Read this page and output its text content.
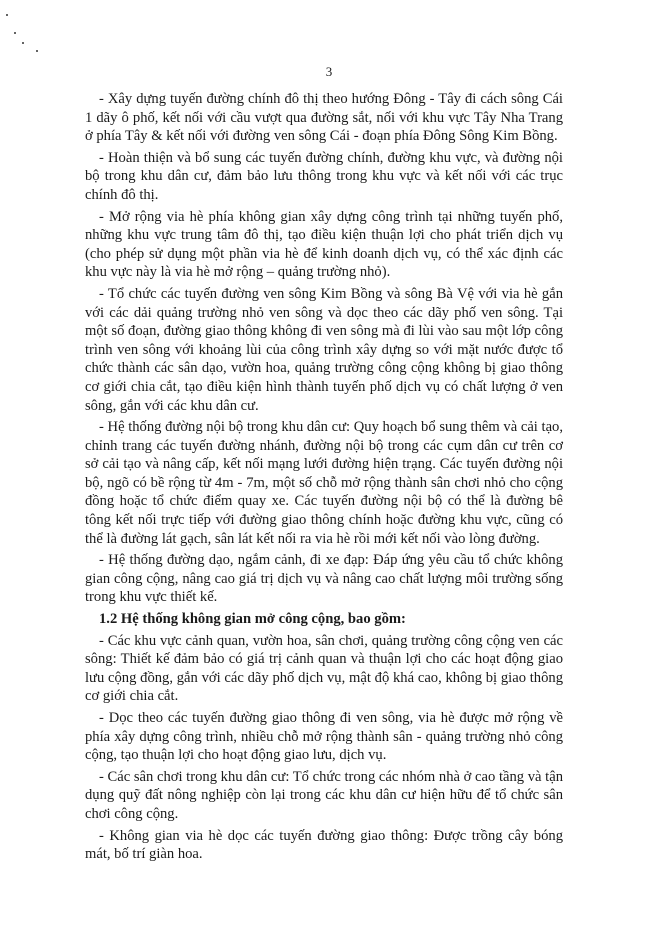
3

- Xây dựng tuyến đường chính đô thị theo hướng Đông - Tây đi cách sông Cái 1 dãy ô phố, kết nối với cầu vượt qua đường sắt, nối với khu vực Tây Nha Trang ở phía Tây & kết nối với đường ven sông Cái - đoạn phía Đông Sông Kim Bồng.

- Hoàn thiện và bổ sung các tuyến đường chính, đường khu vực, và đường nội bộ trong khu dân cư, đảm bảo lưu thông trong khu vực và kết nối với các trục chính đô thị.

- Mở rộng via hè phía không gian xây dựng công trình tại những tuyến phố, những khu vực trung tâm đô thị, tạo điều kiện thuận lợi cho phát triển dịch vụ (cho phép sử dụng một phần via hè để kinh doanh dịch vụ, có thể xác định các khu vực này là via hè mở rộng – quảng trường nhỏ).

- Tổ chức các tuyến đường ven sông Kim Bồng và sông Bà Vệ với via hè gắn với các dải quảng trường nhỏ ven sông và dọc theo các dãy phố ven sông. Tại một số đoạn, đường giao thông không đi ven sông mà đi lùi vào sau một lớp công trình ven sông với khoảng lùi của công trình xây dựng so với mặt nước được tổ chức thành các sân dạo, vườn hoa, quảng trường công cộng không bị giao thông cơ giới chia cắt, tạo điều kiện hình thành tuyến phố dịch vụ có chất lượng ở ven sông, gắn với các khu dân cư.

- Hệ thống đường nội bộ trong khu dân cư: Quy hoạch bổ sung thêm và cải tạo, chỉnh trang các tuyến đường nhánh, đường nội bộ trong các cụm dân cư trên cơ sở cải tạo và nâng cấp, kết nối mạng lưới đường hiện trạng. Các tuyến đường nội bộ, ngõ có bề rộng từ 4m - 7m, một số chỗ mở rộng thành sân chơi nhỏ cho cộng đồng hoặc tổ chức điểm quay xe. Các tuyến đường nội bộ có thể là đường bê tông kết nối trực tiếp với đường giao thông chính hoặc đường khu vực, cũng có thể là đường lát gạch, sân lát kết nối ra via hè rồi mới kết nối vào lòng đường.

- Hệ thống đường dạo, ngắm cảnh, đi xe đạp: Đáp ứng yêu cầu tổ chức không gian công cộng, nâng cao giá trị dịch vụ và nâng cao chất lượng môi trường sống trong khu vực thiết kế.

1.2 Hệ thống không gian mở công cộng, bao gồm:

- Các khu vực cảnh quan, vườn hoa, sân chơi, quảng trường công cộng ven các sông: Thiết kế đảm bảo có giá trị cảnh quan và thuận lợi cho các hoạt động giao lưu cộng đồng, gắn với các dãy phố dịch vụ, mật độ khá cao, không bị giao thông cơ giới chia cắt.

- Dọc theo các tuyến đường giao thông đi ven sông, via hè được mở rộng về phía xây dựng công trình, nhiều chỗ mở rộng thành sân - quảng trường nhỏ công cộng, tạo thuận lợi cho hoạt động giao lưu, dịch vụ.

- Các sân chơi trong khu dân cư: Tổ chức trong các nhóm nhà ở cao tầng và tận dụng quỹ đất nông nghiệp còn lại trong các khu dân cư hiện hữu để tổ chức sân chơi công cộng.

- Không gian via hè dọc các tuyến đường giao thông: Được trồng cây bóng mát, bố trí giàn hoa.
